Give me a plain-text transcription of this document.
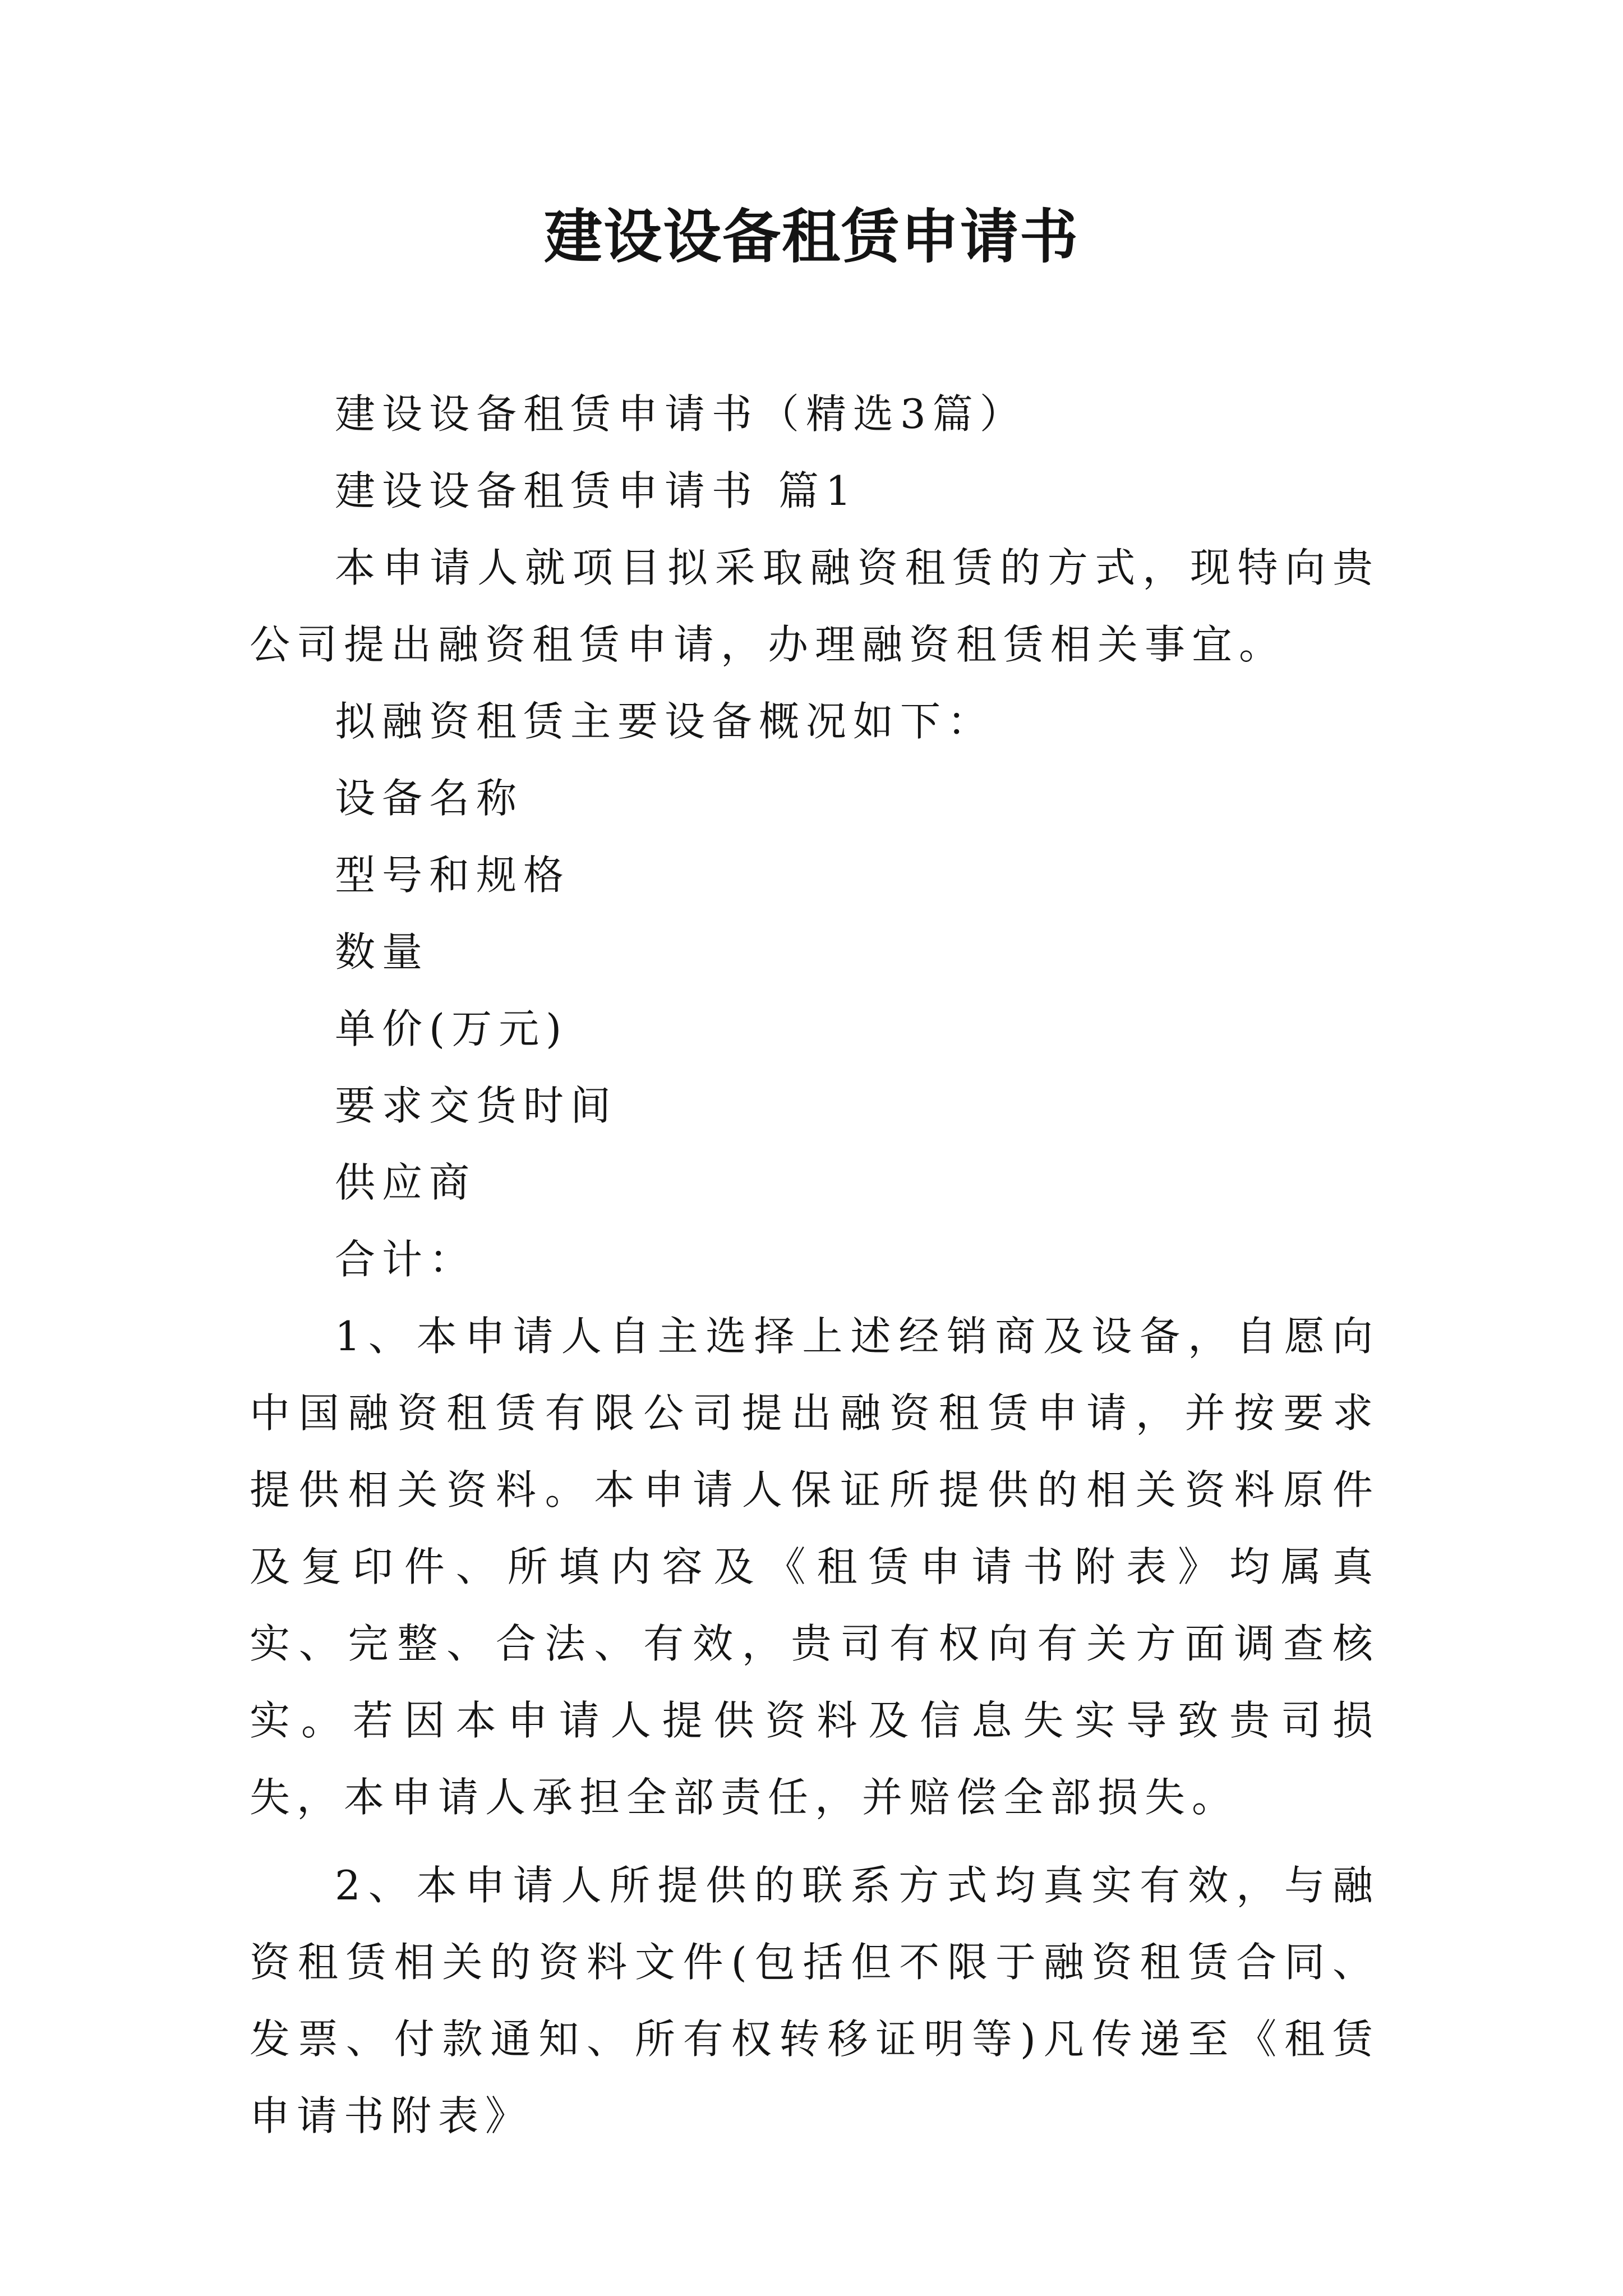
建设设备租赁申请书

建设设备租赁申请书（精选3篇）

建设设备租赁申请书 篇1

本申请人就项目拟采取融资租赁的方式，现特向贵公司提出融资租赁申请，办理融资租赁相关事宜。

拟融资租赁主要设备概况如下：

设备名称

型号和规格

数量

单价(万元)

要求交货时间

供应商

合计：

1、本申请人自主选择上述经销商及设备，自愿向中国融资租赁有限公司提出融资租赁申请，并按要求提供相关资料。本申请人保证所提供的相关资料原件及复印件、所填内容及《租赁申请书附表》均属真实、完整、合法、有效，贵司有权向有关方面调查核实。若因本申请人提供资料及信息失实导致贵司损失，本申请人承担全部责任，并赔偿全部损失。

2、本申请人所提供的联系方式均真实有效，与融资租赁相关的资料文件(包括但不限于融资租赁合同、发票、付款通知、所有权转移证明等)凡传递至《租赁申请书附表》
